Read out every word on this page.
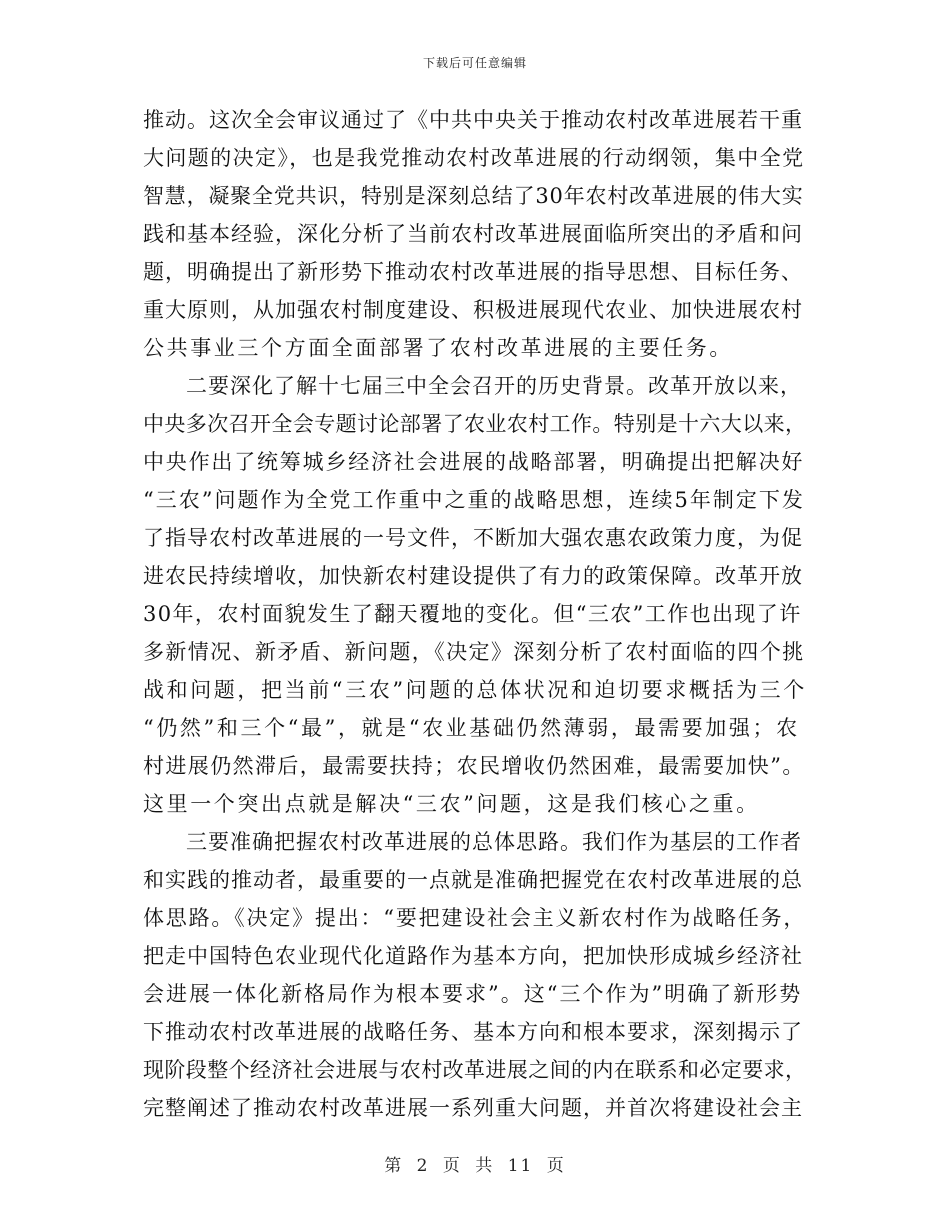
下载后可任意编辑
推动。这次全会审议通过了《中共中央关于推动农村改革进展若干重
大问题的决定》，也是我党推动农村改革进展的行动纲领，集中全党
智慧，凝聚全党共识，特别是深刻总结了30年农村改革进展的伟大实
践和基本经验，深化分析了当前农村改革进展面临所突出的矛盾和问
题，明确提出了新形势下推动农村改革进展的指导思想、目标任务、
重大原则，从加强农村制度建设、积极进展现代农业、加快进展农村
公共事业三个方面全面部署了农村改革进展的主要任务。
二要深化了解十七届三中全会召开的历史背景。改革开放以来，
中央多次召开全会专题讨论部署了农业农村工作。特别是十六大以来，
中央作出了统筹城乡经济社会进展的战略部署，明确提出把解决好
“三农”问题作为全党工作重中之重的战略思想，连续5年制定下发
了指导农村改革进展的一号文件，不断加大强农惠农政策力度，为促
进农民持续增收，加快新农村建设提供了有力的政策保障。改革开放
30年，农村面貌发生了翻天覆地的变化。但“三农”工作也出现了许
多新情况、新矛盾、新问题，《决定》深刻分析了农村面临的四个挑
战和问题，把当前“三农”问题的总体状况和迫切要求概括为三个
“仍然”和三个“最”，就是“农业基础仍然薄弱，最需要加强；农
村进展仍然滞后，最需要扶持；农民增收仍然困难，最需要加快”。
这里一个突出点就是解决“三农”问题，这是我们核心之重。
三要准确把握农村改革进展的总体思路。我们作为基层的工作者
和实践的推动者，最重要的一点就是准确把握党在农村改革进展的总
体思路。《决定》提出：“要把建设社会主义新农村作为战略任务，
把走中国特色农业现代化道路作为基本方向，把加快形成城乡经济社
会进展一体化新格局作为根本要求”。这“三个作为”明确了新形势
下推动农村改革进展的战略任务、基本方向和根本要求，深刻揭示了
现阶段整个经济社会进展与农村改革进展之间的内在联系和必定要求，
完整阐述了推动农村改革进展一系列重大问题，并首次将建设社会主
第 2 页 共 11 页
